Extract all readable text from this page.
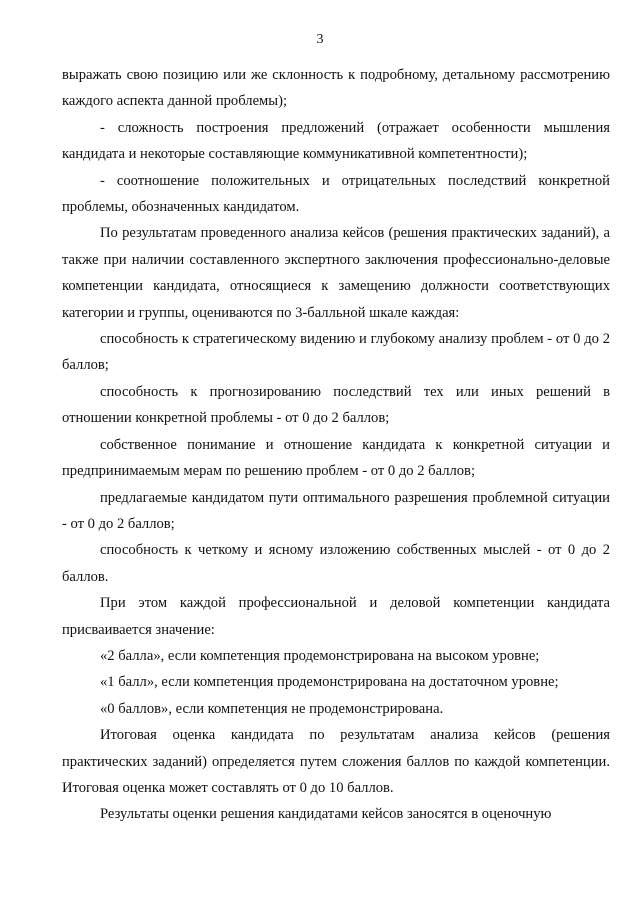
3

выражать свою позицию или же склонность к подробному, детальному рассмотрению каждого аспекта данной проблемы);

- сложность построения предложений (отражает особенности мышления кандидата и некоторые составляющие коммуникативной компетентности);

- соотношение положительных и отрицательных последствий конкретной проблемы, обозначенных кандидатом.

По результатам проведенного анализа кейсов (решения практических заданий), а также при наличии составленного экспертного заключения профессионально-деловые компетенции кандидата, относящиеся к замещению должности соответствующих категории и группы, оцениваются по 3-балльной шкале каждая:

способность к стратегическому видению и глубокому анализу проблем - от 0 до 2 баллов;

способность к прогнозированию последствий тех или иных решений в отношении конкретной проблемы - от 0 до 2 баллов;

собственное понимание и отношение кандидата к конкретной ситуации и предпринимаемым мерам по решению проблем - от 0 до 2 баллов;

предлагаемые кандидатом пути оптимального разрешения проблемной ситуации - от 0 до 2 баллов;

способность к четкому и ясному изложению собственных мыслей - от 0 до 2 баллов.

При этом каждой профессиональной и деловой компетенции кандидата присваивается значение:

«2 балла», если компетенция продемонстрирована на высоком уровне;

«1 балл», если компетенция продемонстрирована на достаточном уровне;

«0 баллов», если компетенция не продемонстрирована.

Итоговая оценка кандидата по результатам анализа кейсов (решения практических заданий) определяется путем сложения баллов по каждой компетенции. Итоговая оценка может составлять от 0 до 10 баллов.

Результаты оценки решения кандидатами кейсов заносятся в оценочную
